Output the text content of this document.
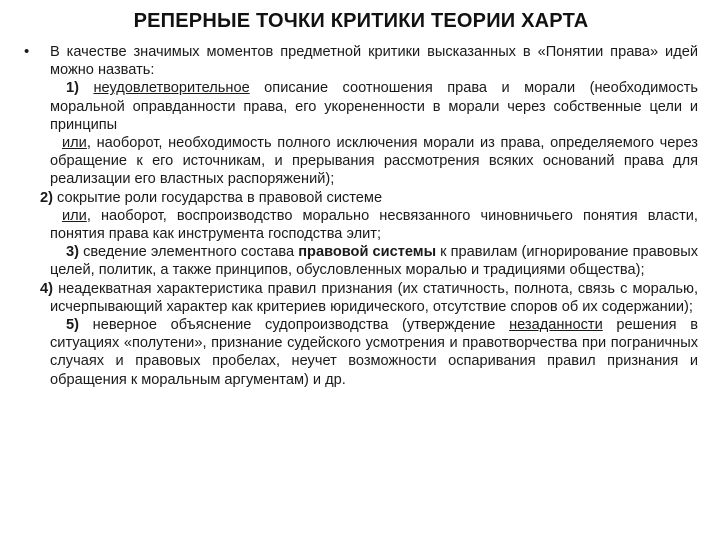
РЕПЕРНЫЕ ТОЧКИ КРИТИКИ ТЕОРИИ ХАРТА
• В качестве значимых моментов предметной критики высказанных в «Понятии права» идей можно назвать:

1) неудовлетворительное описание соотношения права и морали (необходимость моральной оправданности права, его укорененности в морали через собственные цели и принципы

или, наоборот, необходимость полного исключения морали из права, определяемого через обращение к его источникам, и прерывания рассмотрения всяких оснований права для реализации его властных распоряжений);

2) сокрытие роли государства в правовой системе

или, наоборот, воспроизводство морально несвязанного чиновничьего понятия власти, понятия права как инструмента господства элит;

3) сведение элементного состава правовой системы к правилам (игнорирование правовых целей, политик, а также принципов, обусловленных моралью и традициями общества);

4) неадекватная характеристика правил признания (их статичность, полнота, связь с моралью, исчерпывающий характер как критериев юридического, отсутствие споров об их содержании);

5) неверное объяснение судопроизводства (утверждение незаданности решения в ситуациях «полутени», признание судейского усмотрения и правотворчества при пограничных случаях и правовых пробелах, неучет возможности оспаривания правил признания и обращения к моральным аргументам) и др.
